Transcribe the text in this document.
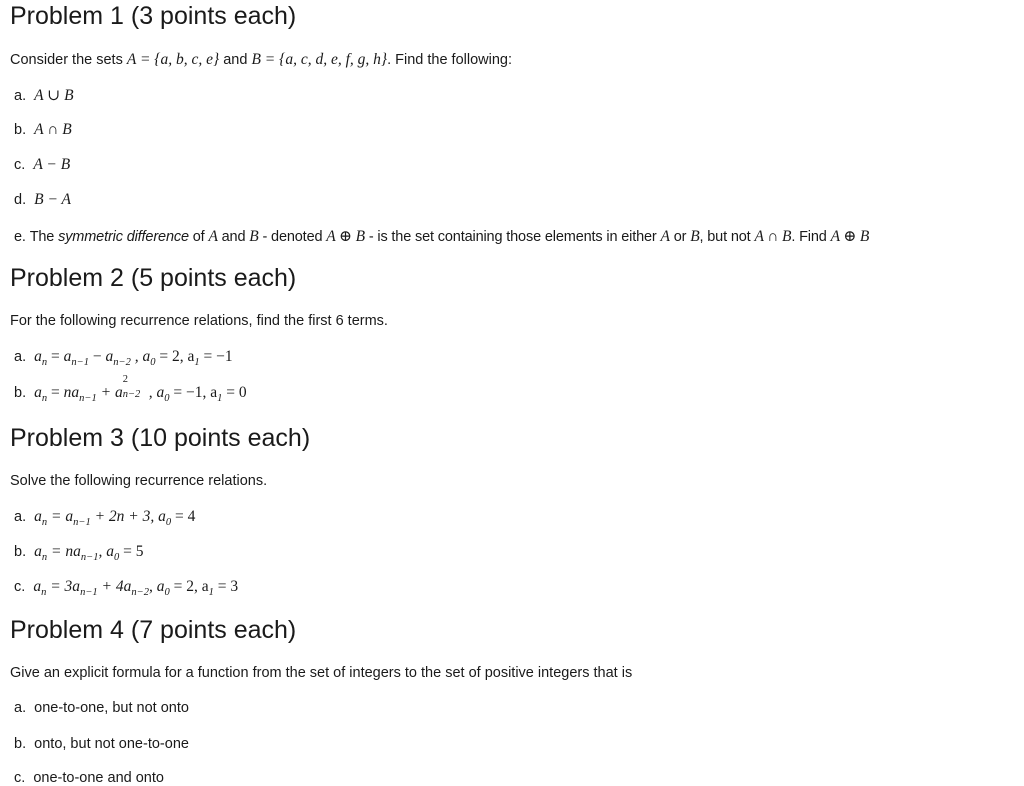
Problem 1 (3 points each)
Consider the sets A = {a, b, c, e} and B = {a, c, d, e, f, g, h}. Find the following:
a. A ∪ B
b. A ∩ B
c. A − B
d. B − A
e. The symmetric difference of A and B - denoted A ⊕ B - is the set containing those elements in either A or B, but not A ∩ B. Find A ⊕ B
Problem 2 (5 points each)
For the following recurrence relations, find the first 6 terms.
a. $a_n = a_{n-1} - a_{n-2}$ , $a_0 = 2$, $a_1 = -1$
b. $a_n = na_{n-1} + a$
2
n−2 , $a_0 = -1$, $a_1 = 0$
Problem 3 (10 points each)
Solve the following recurrence relations.
a. $a_n = a_{n-1} + 2n + 3$, $a_0 = 4$
b. $a_n = na_{n-1}$, $a_0 = 5$
c. $a_n = 3a_{n-1} + 4a_{n-2}$, $a_0 = 2$, $a_1 = 3$
Problem 4 (7 points each)
Give an explicit formula for a function from the set of integers to the set of positive integers that is
a. one-to-one, but not onto
b. onto, but not one-to-one
c. one-to-one and onto
